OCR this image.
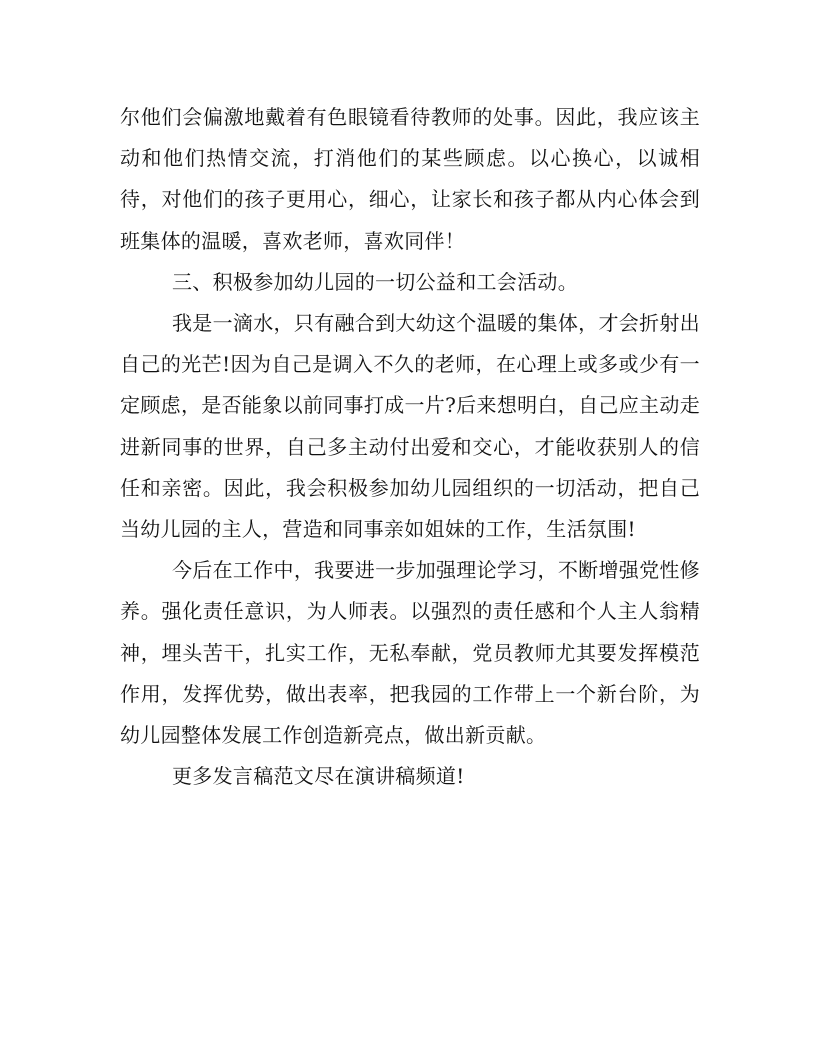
尔他们会偏激地戴着有色眼镜看待教师的处事。因此，我应该主动和他们热情交流，打消他们的某些顾虑。以心换心，以诚相待，对他们的孩子更用心，细心，让家长和孩子都从内心体会到班集体的温暖，喜欢老师，喜欢同伴！

三、积极参加幼儿园的一切公益和工会活动。

我是一滴水，只有融合到大幼这个温暖的集体，才会折射出自己的光芒!因为自己是调入不久的老师，在心理上或多或少有一定顾虑，是否能象以前同事打成一片?后来想明白，自己应主动走进新同事的世界，自己多主动付出爱和交心，才能收获别人的信任和亲密。因此，我会积极参加幼儿园组织的一切活动，把自己当幼儿园的主人，营造和同事亲如姐妹的工作，生活氛围!

今后在工作中，我要进一步加强理论学习，不断增强党性修养。强化责任意识，为人师表。以强烈的责任感和个人主人翁精神，埋头苦干，扎实工作，无私奉献，党员教师尤其要发挥模范作用，发挥优势，做出表率，把我园的工作带上一个新台阶，为幼儿园整体发展工作创造新亮点，做出新贡献。

更多发言稿范文尽在演讲稿频道!
